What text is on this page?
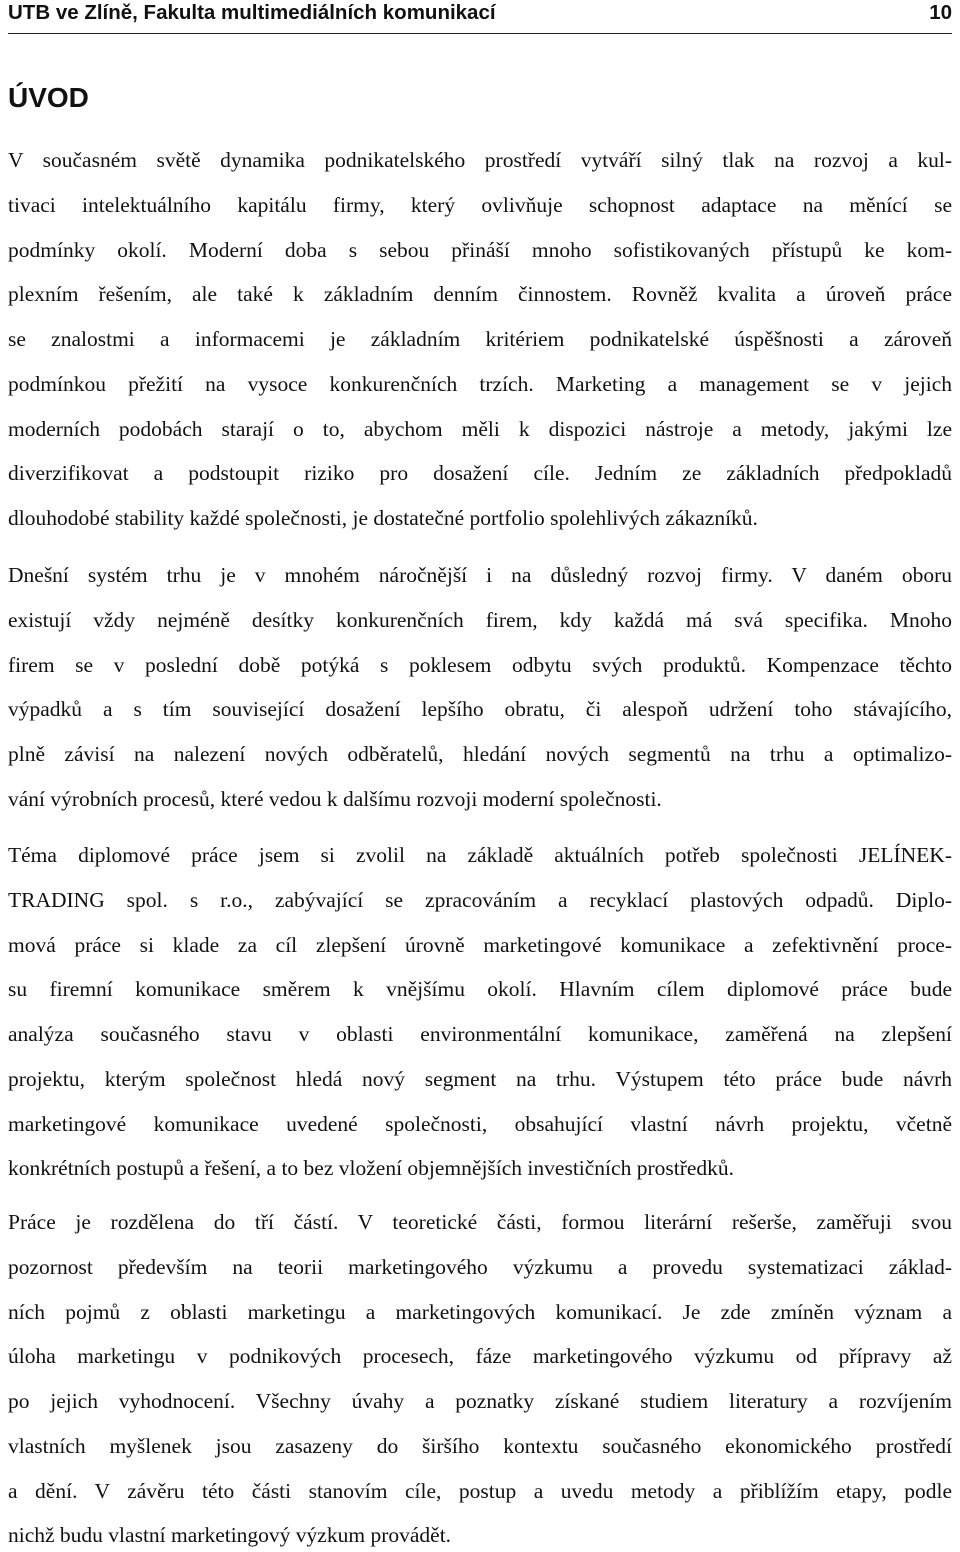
UTB ve Zlíně, Fakulta multimediálních komunikací	10
ÚVOD
V současném světě dynamika podnikatelského prostředí vytváří silný tlak na rozvoj a kul-
tivaci intelektuálního kapitálu firmy, který ovlivňuje schopnost adaptace na měnící se
podmínky okolí. Moderní doba s sebou přináší mnoho sofistikovaných přístupů ke kom-
plexním řešením, ale také k základním denním činnostem. Rovněž kvalita a úroveň práce
se znalostmi a informacemi je základním kritériem podnikatelské úspěšnosti a zároveň
podmínkou přežití na vysoce konkurenčních trzích. Marketing a management se v jejich
moderních podobách starají o to, abychom měli k dispozici nástroje a metody, jakými lze
diverzifikovat a podstoupit riziko pro dosažení cíle. Jedním ze základních předpokladů
dlouhodobé stability každé společnosti, je dostatečné portfolio spolehlivých zákazníků.
Dnešní systém trhu je v mnohém náročnější i na důsledný rozvoj firmy. V daném oboru
existují vždy nejméně desítky konkurenčních firem, kdy každá má svá specifika. Mnoho
firem se v poslední době potýká s poklesem odbytu svých produktů. Kompenzace těchto
výpadků a s tím související dosažení lepšího obratu, či alespoň udržení toho stávajícího,
plně závisí na nalezení nových odběratelů, hledání nových segmentů na trhu a optimalizo-
vání výrobních procesů, které vedou k dalšímu rozvoji moderní společnosti.
Téma diplomové práce jsem si zvolil na základě aktuálních potřeb společnosti JELÍNEK-
TRADING spol. s r.o., zabývající se zpracováním a recyklací plastových odpadů. Diplo-
mová práce si klade za cíl zlepšení úrovně marketingové komunikace a zefektivnění proce-
su firemní komunikace směrem k vnějšímu okolí. Hlavním cílem diplomové práce bude
analýza současného stavu v oblasti environmentální komunikace, zaměřená na zlepšení
projektu, kterým společnost hledá nový segment na trhu. Výstupem této práce bude návrh
marketingové komunikace uvedené společnosti, obsahující vlastní návrh projektu, včetně
konkrétních postupů a řešení, a to bez vložení objemnějších investičních prostředků.
Práce je rozdělena do tří částí. V teoretické části, formou literární rešerše, zaměřuji svou
pozornost především na teorii marketingového výzkumu a provedu systematizaci základ-
ních pojmů z oblasti marketingu a marketingových komunikací. Je zde zmíněn význam a
úloha marketingu v podnikových procesech, fáze marketingového výzkumu od přípravy až
po jejich vyhodnocení. Všechny úvahy a poznatky získané studiem literatury a rozvíjením
vlastních myšlenek jsou zasazeny do širšího kontextu současného ekonomického prostředí
a dění. V závěru této části stanovím cíle, postup a uvedu metody a přiblížím etapy, podle
nichž budu vlastní marketingový výzkum provádět.
